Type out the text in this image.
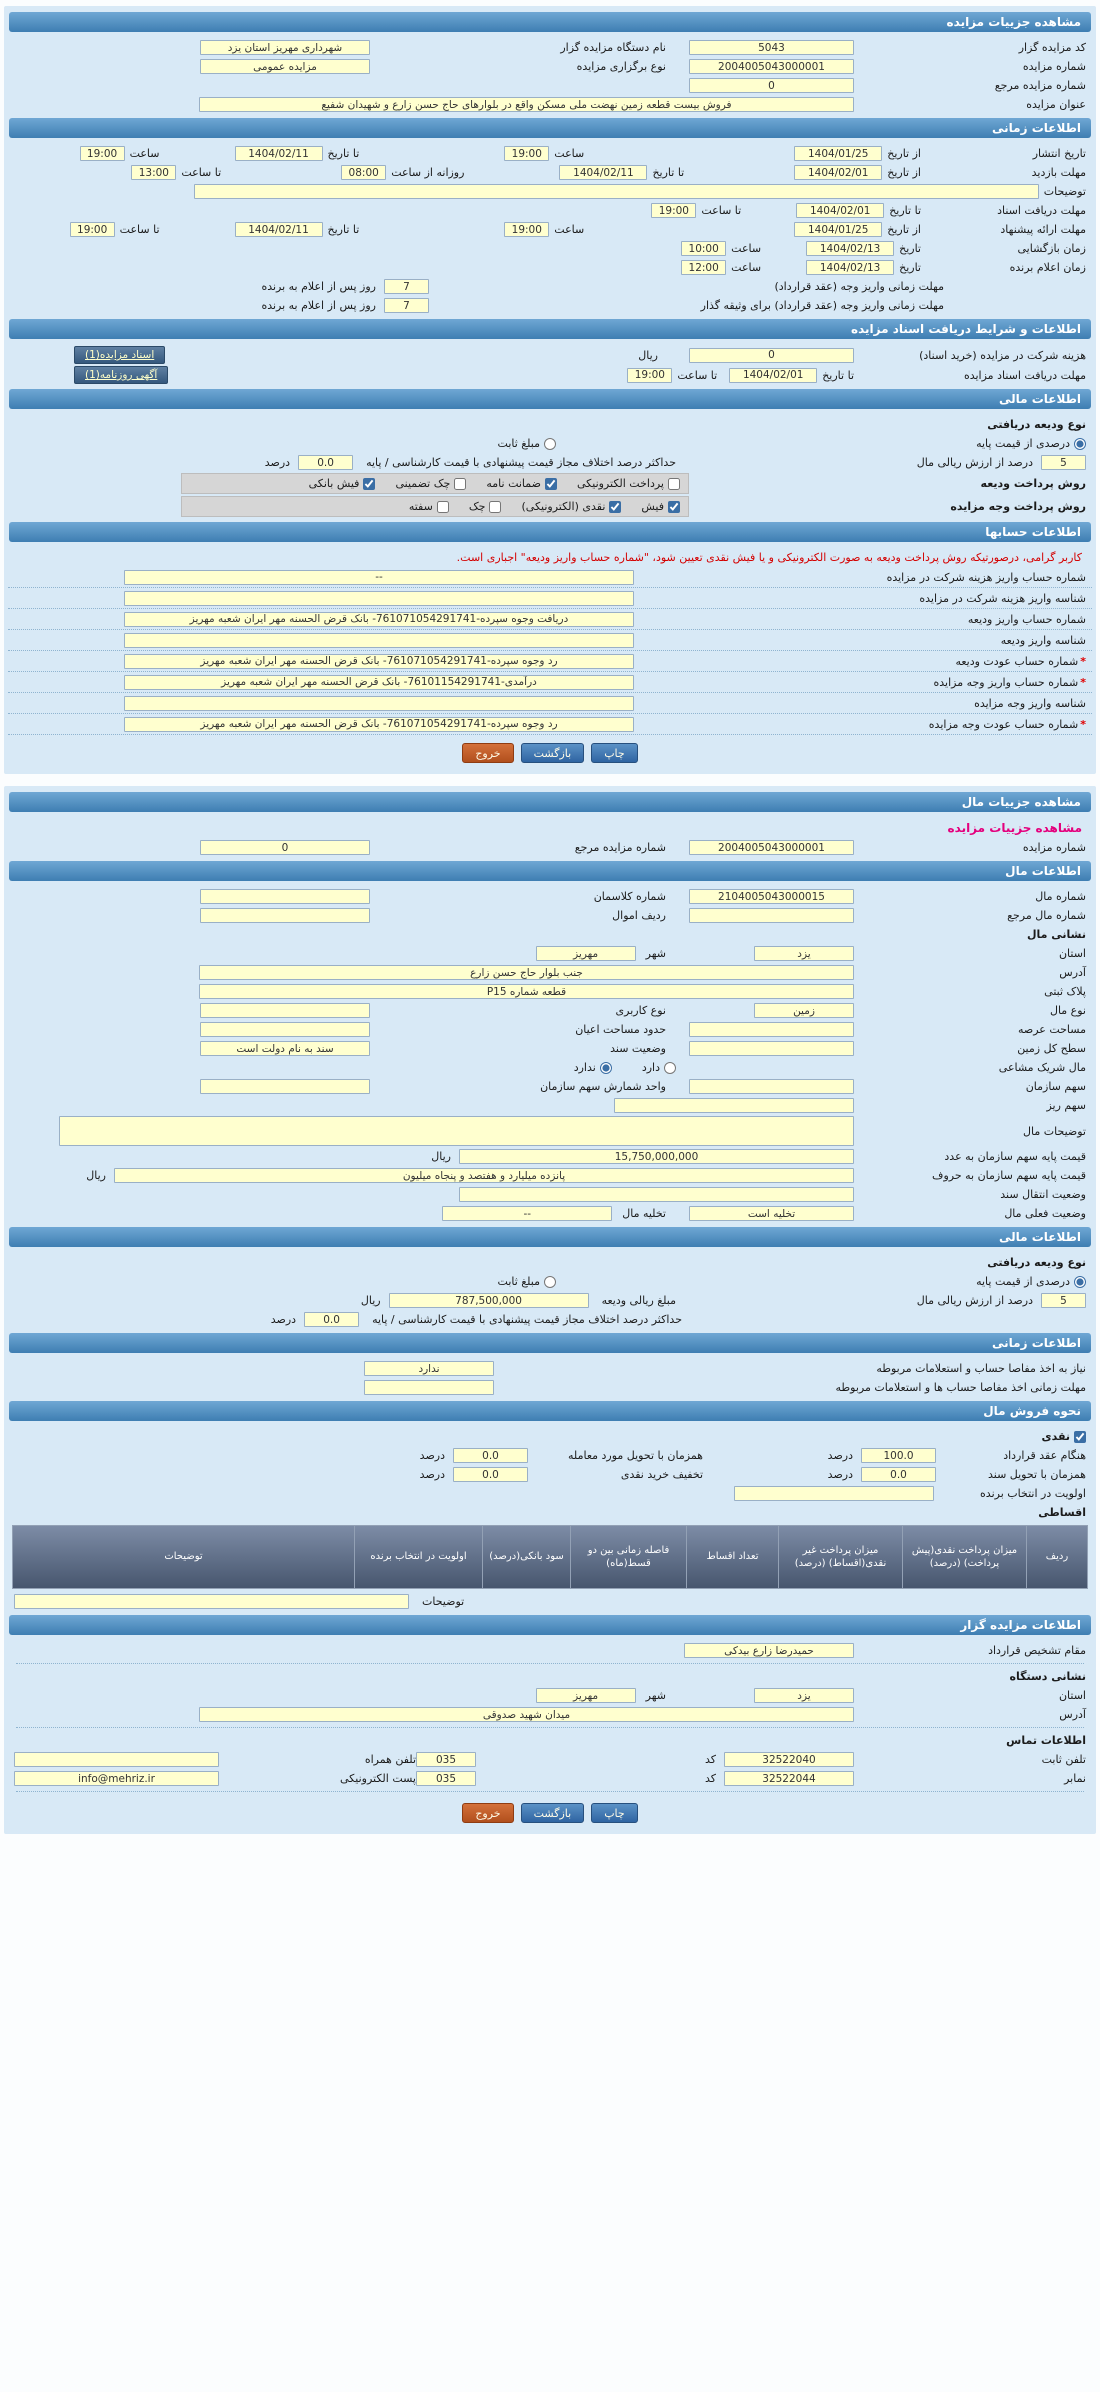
مشاهده جزییات مزایده
کد مزایده گزار
5043
نام دستگاه مزایده گزار
شهرداری مهریز استان یزد
شماره مزایده
2004005043000001
نوع برگزاری مزایده
مزایده عمومی
شماره مزایده مرجع
0
عنوان مزایده
فروش بیست قطعه زمین نهضت ملی مسکن واقع در بلوارهای حاج حسن زارع و شهیدان شفیع
اطلاعات زمانی
تاریخ انتشار
از تاریخ
1404/01/25
ساعت
19:00
تا تاریخ
1404/02/11
ساعت
19:00
مهلت بازدید
از تاریخ
1404/02/01
تا تاریخ
1404/02/11
روزانه از ساعت
08:00
تا ساعت
13:00
توضیحات
مهلت دریافت اسناد
تا تاریخ
1404/02/01
تا ساعت
19:00
مهلت ارائه پیشنهاد
از تاریخ
1404/01/25
ساعت
19:00
تا تاریخ
1404/02/11
تا ساعت
19:00
زمان بازگشایی
تاریخ
1404/02/13
ساعت
10:00
زمان اعلام برنده
تاریخ
1404/02/13
ساعت
12:00
مهلت زمانی واریز وجه (عقد قرارداد)
7
روز پس از اعلام به برنده
مهلت زمانی واریز وجه (عقد قرارداد) برای وثیقه گذار
7
روز پس از اعلام به برنده
اطلاعات و شرایط دریافت اسناد مزایده
هزینه شرکت در مزایده (خرید اسناد)
0
ریال
اسناد مزایده(1)
مهلت دریافت اسناد مزایده
تا تاریخ
1404/02/01
تا ساعت
19:00
آگهی روزنامه(1)
اطلاعات مالی
نوع ودیعه دریافتی
درصدی از قیمت پایه
مبلغ ثابت
5
درصد از ارزش ریالی مال
حداکثر درصد اختلاف مجاز قیمت پیشنهادی با قیمت کارشناسی / پایه
0.0
درصد
روش پرداخت ودیعه
پرداخت الکترونیکی
ضمانت نامه
چک تضمینی
فیش بانکی
روش پرداخت وجه مزایده
فیش
نقدی (الکترونیکی)
چک
سفته
اطلاعات حسابها
کاربر گرامی، درصورتیکه روش پرداخت ودیعه به صورت الکترونیکی و یا فیش نقدی تعیین شود، "شماره حساب واریز ودیعه" اجباری است.
شماره حساب واریز هزینه شرکت در مزایده
--
شناسه واریز هزینه شرکت در مزایده
شماره حساب واریز ودیعه
دریافت وجوه سپرده-761071054291741- بانک قرض الحسنه مهر ایران شعبه مهریز
شناسه واریز ودیعه
*شماره حساب عودت ودیعه
رد وجوه سپرده-761071054291741- بانک قرض الحسنه مهر ایران شعبه مهریز
*شماره حساب واریز وجه مزایده
درآمدی-76101154291741- بانک قرض الحسنه مهر ایران شعبه مهریز
شناسه واریز وجه مزایده
*شماره حساب عودت وجه مزایده
رد وجوه سپرده-761071054291741- بانک قرض الحسنه مهر ایران شعبه مهریز
چاپ
بازگشت
خروج
مشاهده جزییات مال
مشاهده جزییات مزایده
شماره مزایده
2004005043000001
شماره مزایده مرجع
0
اطلاعات مال
شماره مال
2104005043000015
شماره کلاسمان
شماره مال مرجع
ردیف اموال
نشانی مال
استان
یزد
شهر
مهریز
آدرس
جنب بلوار حاج حسن زارع
پلاک ثبتی
قطعه شماره P15
نوع مال
زمین
نوع کاربری
مساحت عرصه
حدود مساحت اعیان
سطح کل زمین
وضعیت سند
سند به نام دولت است
مال شریک مشاعی
دارد
ندارد
سهم سازمان
واحد شمارش سهم سازمان
سهم ریز
توضیحات مال
قیمت پایه سهم سازمان به عدد
15,750,000,000
ریال
قیمت پایه سهم سازمان به حروف
پانزده میلیارد و هفتصد و پنجاه میلیون
ریال
وضعیت انتقال سند
وضعیت فعلی مال
تخلیه است
تخلیه مال
--
اطلاعات مالی
نوع ودیعه دریافتی
درصدی از قیمت پایه
مبلغ ثابت
5
درصد از ارزش ریالی مال
مبلغ ریالی ودیعه
787,500,000
ریال
حداکثر درصد اختلاف مجاز قیمت پیشنهادی با قیمت کارشناسی / پایه
0.0
درصد
اطلاعات زمانی
نیاز به اخذ مفاصا حساب و استعلامات مربوطه
ندارد
مهلت زمانی اخذ مفاصا حساب ها و استعلامات مربوطه
نحوه فروش مال
نقدی
هنگام عقد قرارداد
100.0
درصد
همزمان با تحویل مورد معامله
0.0
درصد
همزمان با تحویل سند
0.0
درصد
تخفیف خرید نقدی
0.0
درصد
اولویت در انتخاب برنده
اقساطی
ردیف
میزان پرداخت نقدی(پیش پرداخت) (درصد)
میزان پرداخت غیر نقدی(اقساط) (درصد)
تعداد اقساط
فاصله زمانی بین دو قسط(ماه)
سود بانکی(درصد)
اولویت در انتخاب برنده
توضیحات
توضیحات
اطلاعات مزایده گزار
مقام تشخیص قرارداد
حمیدرضا زارع بیدکی
نشانی دستگاه
استان
یزد
شهر
مهریز
آدرس
میدان شهید صدوقی
اطلاعات تماس
تلفن ثابت
32522040
کد
035
تلفن همراه
نمابر
32522044
کد
035
پست الکترونیکی
info@mehriz.ir
چاپ
بازگشت
خروج
